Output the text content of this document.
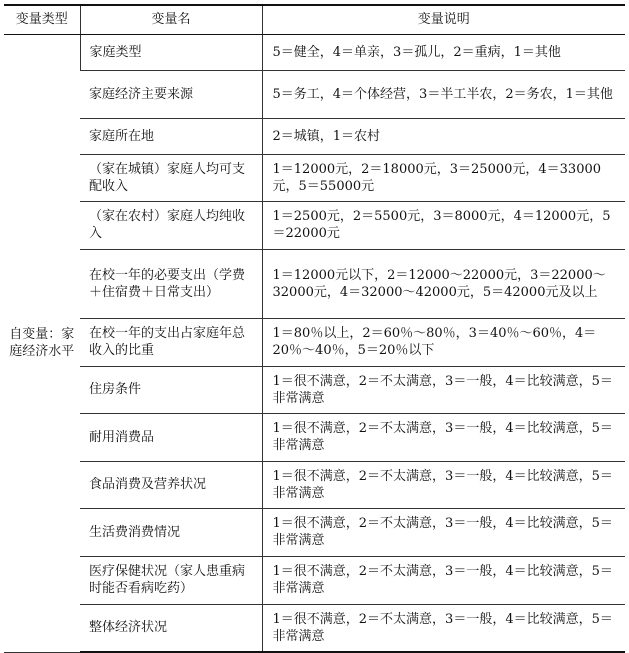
变量类型	变量名	变量说明

自变量：家庭经济水平	家庭类型	5＝健全，4＝单亲，3＝孤儿，2＝重病，1＝其他
	家庭经济主要来源	5＝务工，4＝个体经营，3＝半工半农，2＝务农，1＝其他
	家庭所在地	2＝城镇，1＝农村
	（家在城镇）家庭人均可支配收入	1＝12000元，2＝18000元，3＝25000元，4＝33000元，5＝55000元
	（家在农村）家庭人均纯收入	1＝2500元，2＝5500元，3＝8000元，4＝12000元，5＝22000元
	在校一年的必要支出（学费＋住宿费＋日常支出）	1＝12000元以下，2＝12000～22000元，3＝22000～32000元，4＝32000～42000元，5＝42000元及以上
	在校一年的支出占家庭年总收入的比重	1＝80％以上，2＝60％～80％，3＝40％～60％，4＝20％～40％，5＝20％以下
	住房条件	1＝很不满意，2＝不太满意，3＝一般，4＝比较满意，5＝非常满意
	耐用消费品	1＝很不满意，2＝不太满意，3＝一般，4＝比较满意，5＝非常满意
	食品消费及营养状况	1＝很不满意，2＝不太满意，3＝一般，4＝比较满意，5＝非常满意
	生活费消费情况	1＝很不满意，2＝不太满意，3＝一般，4＝比较满意，5＝非常满意
	医疗保健状况（家人患重病时能否看病吃药）	1＝很不满意，2＝不太满意，3＝一般，4＝比较满意，5＝非常满意
	整体经济状况	1＝很不满意，2＝不太满意，3＝一般，4＝比较满意，5＝非常满意
